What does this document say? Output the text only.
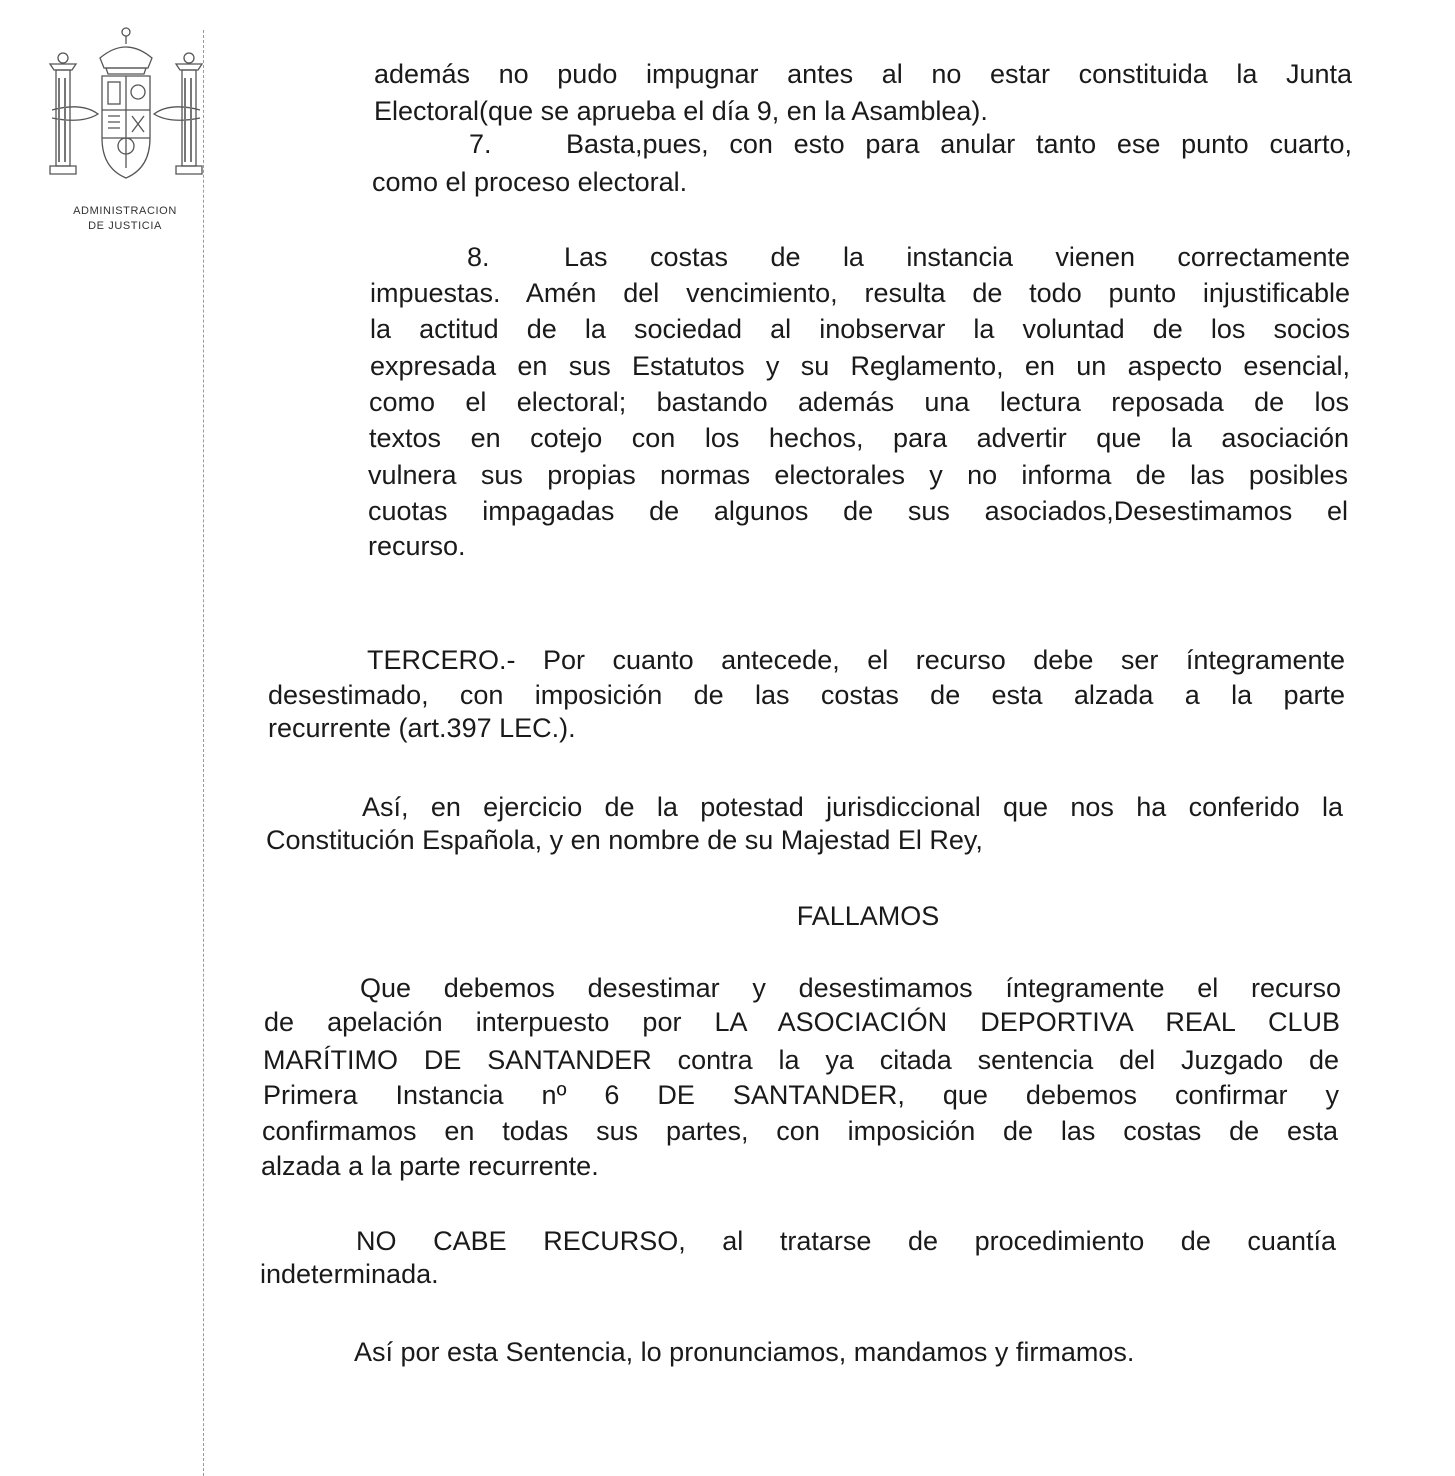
ADMINISTRACION
DE JUSTICIA
además no pudo impugnar antes al no estar constituida la Junta
Electoral(que se aprueba el día 9, en la Asamblea).
7.	Basta,pues, con esto para anular tanto ese punto cuarto,
como el proceso electoral.
8.	Las costas de la instancia vienen correctamente
impuestas. Amén del vencimiento, resulta de todo punto injustificable
la actitud de la sociedad al inobservar la voluntad de los socios
expresada en sus Estatutos y su Reglamento, en un aspecto esencial,
como el electoral; bastando además una lectura reposada de los
textos en cotejo con los hechos, para advertir que la asociación
vulnera sus propias normas electorales y no informa de las posibles
cuotas impagadas de algunos de sus asociados,Desestimamos el
recurso.
TERCERO.- Por cuanto antecede, el recurso debe ser íntegramente
desestimado, con imposición de las costas de esta alzada a la parte
recurrente (art.397 LEC.).
Así, en ejercicio de la potestad jurisdiccional que nos ha conferido la
Constitución Española, y en nombre de su Majestad El Rey,
FALLAMOS
Que debemos desestimar y desestimamos íntegramente el recurso
de apelación interpuesto por LA ASOCIACIÓN DEPORTIVA REAL CLUB
MARÍTIMO DE SANTANDER contra la ya citada sentencia del Juzgado de
Primera Instancia nº 6 DE SANTANDER, que debemos confirmar y
confirmamos en todas sus partes, con imposición de las costas de esta
alzada a la parte recurrente.
NO CABE RECURSO, al tratarse de procedimiento de cuantía
indeterminada.
Así por esta Sentencia, lo pronunciamos, mandamos y firmamos.
